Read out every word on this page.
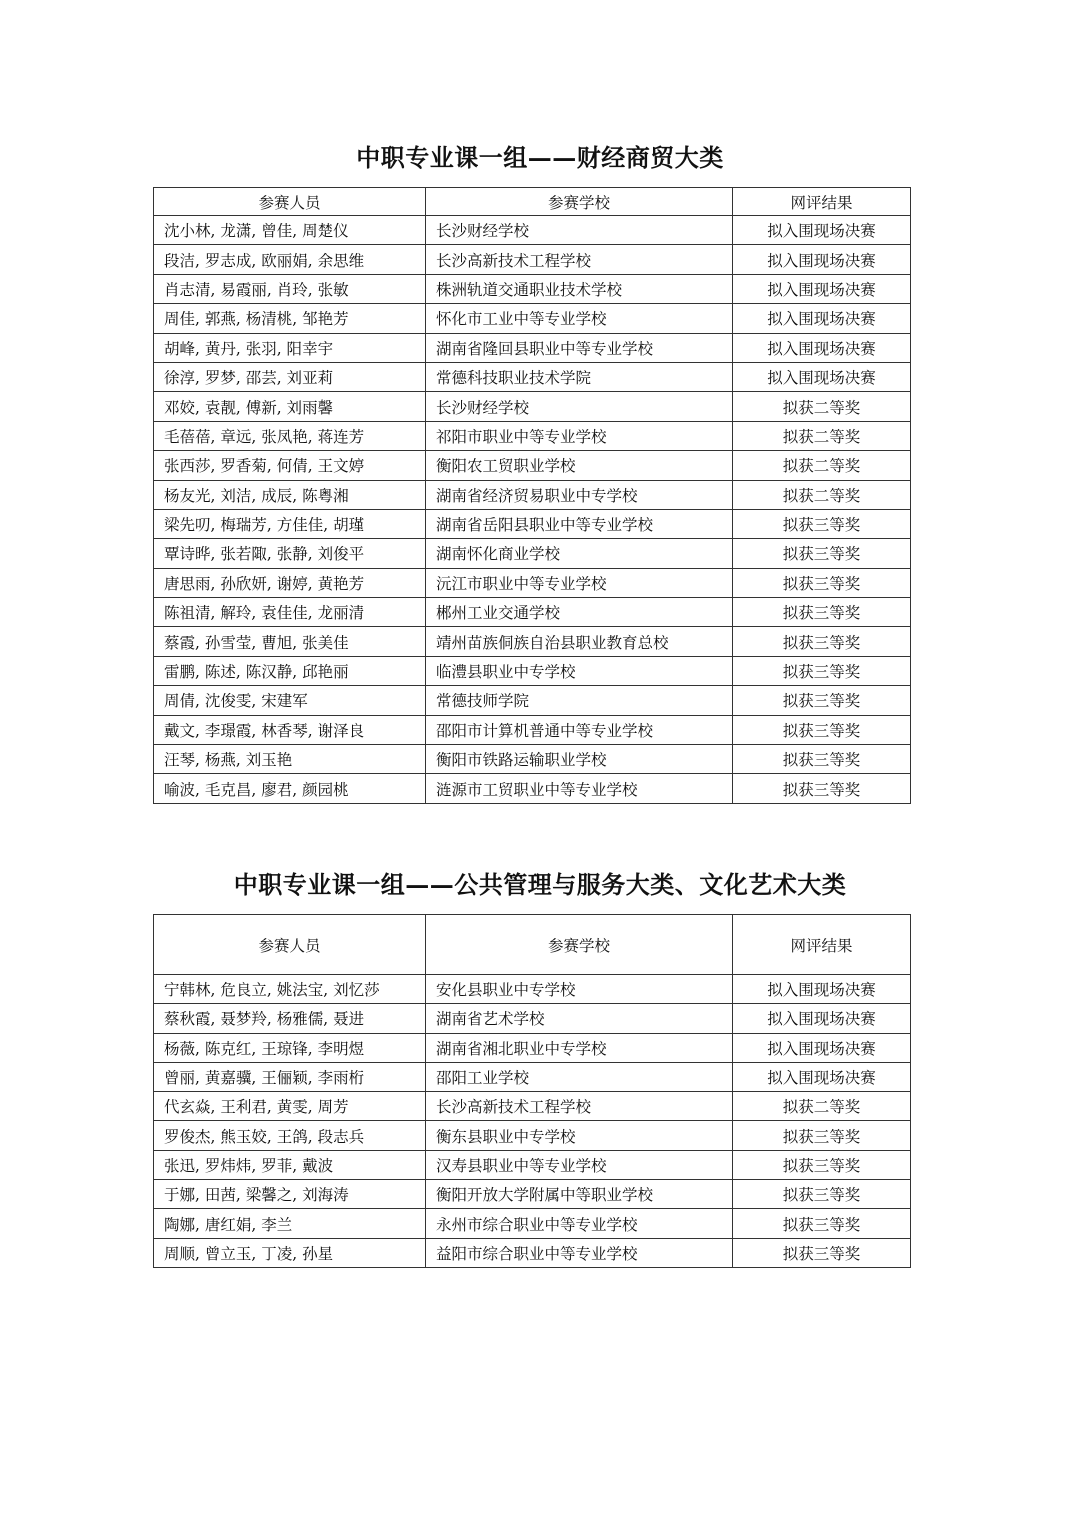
中职专业课一组——财经商贸大类
参赛人员	参赛学校	网评结果
沈小林, 龙潇, 曾佳, 周楚仪	长沙财经学校	拟入围现场决赛
段洁, 罗志成, 欧丽娟, 余思维	长沙高新技术工程学校	拟入围现场决赛
肖志清, 易霞丽, 肖玲, 张敏	株洲轨道交通职业技术学校	拟入围现场决赛
周佳, 郭燕, 杨清桃, 邹艳芳	怀化市工业中等专业学校	拟入围现场决赛
胡峰, 黄丹, 张羽, 阳幸宇	湖南省隆回县职业中等专业学校	拟入围现场决赛
徐淳, 罗梦, 邵芸, 刘亚莉	常德科技职业技术学院	拟入围现场决赛
邓姣, 袁靓, 傅新, 刘雨馨	长沙财经学校	拟获二等奖
毛蓓蓓, 章远, 张凤艳, 蒋连芳	祁阳市职业中等专业学校	拟获二等奖
张西莎, 罗香菊, 何倩, 王文婷	衡阳农工贸职业学校	拟获二等奖
杨友光, 刘洁, 成辰, 陈粤湘	湖南省经济贸易职业中专学校	拟获二等奖
梁先叨, 梅瑞芳, 方佳佳, 胡瑾	湖南省岳阳县职业中等专业学校	拟获三等奖
覃诗晔, 张若陬, 张静, 刘俊平	湖南怀化商业学校	拟获三等奖
唐思雨, 孙欣妍, 谢婷, 黄艳芳	沅江市职业中等专业学校	拟获三等奖
陈祖清, 解玲, 袁佳佳, 龙丽清	郴州工业交通学校	拟获三等奖
蔡霞, 孙雪莹, 曹旭, 张美佳	靖州苗族侗族自治县职业教育总校	拟获三等奖
雷鹏, 陈述, 陈汉静, 邱艳丽	临澧县职业中专学校	拟获三等奖
周倩, 沈俊雯, 宋建军	常德技师学院	拟获三等奖
戴文, 李璟霞, 林香琴, 谢泽良	邵阳市计算机普通中等专业学校	拟获三等奖
汪琴, 杨燕, 刘玉艳	衡阳市铁路运输职业学校	拟获三等奖
喻波, 毛克昌, 廖君, 颜园桃	涟源市工贸职业中等专业学校	拟获三等奖
中职专业课一组——公共管理与服务大类、文化艺术大类
参赛人员	参赛学校	网评结果
宁韩林, 危良立, 姚法宝, 刘忆莎	安化县职业中专学校	拟入围现场决赛
蔡秋霞, 聂梦羚, 杨雅儒, 聂进	湖南省艺术学校	拟入围现场决赛
杨薇, 陈克红, 王琼锋, 李明煜	湖南省湘北职业中专学校	拟入围现场决赛
曾丽, 黄嘉骥, 王俪颖, 李雨桁	邵阳工业学校	拟入围现场决赛
代玄焱, 王利君, 黄雯, 周芳	长沙高新技术工程学校	拟获二等奖
罗俊杰, 熊玉姣, 王鸽, 段志兵	衡东县职业中专学校	拟获三等奖
张迅, 罗炜炜, 罗菲, 戴波	汉寿县职业中等专业学校	拟获三等奖
于娜, 田茜, 梁馨之, 刘海涛	衡阳开放大学附属中等职业学校	拟获三等奖
陶娜, 唐红娟, 李兰	永州市综合职业中等专业学校	拟获三等奖
周顺, 曾立玉, 丁凌, 孙星	益阳市综合职业中等专业学校	拟获三等奖
